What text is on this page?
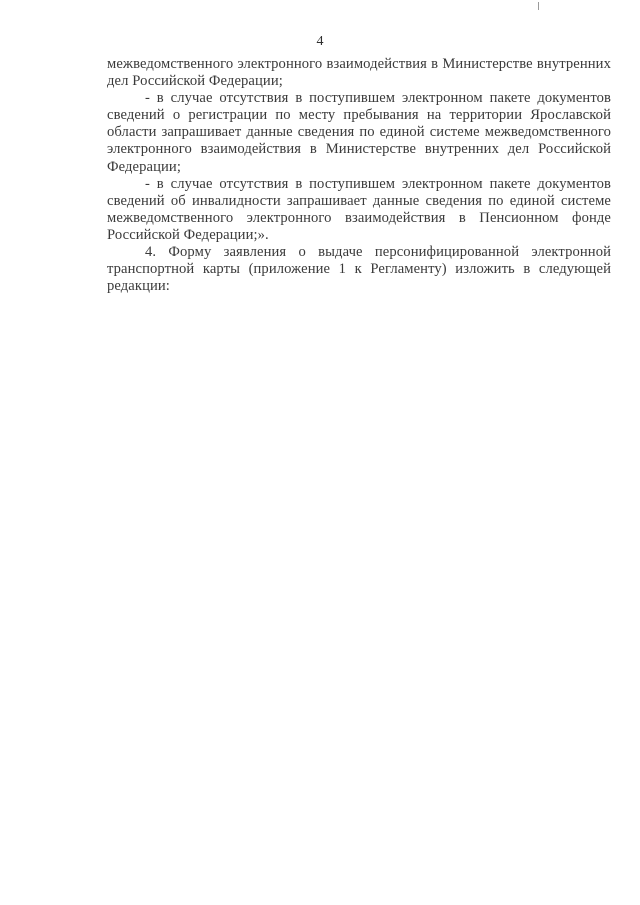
4

межведомственного электронного взаимодействия в Министерстве внутренних дел Российской Федерации;

- в случае отсутствия в поступившем электронном пакете документов сведений о регистрации по месту пребывания на территории Ярославской области запрашивает данные сведения по единой системе межведомственного электронного взаимодействия в Министерстве внутренних дел Российской Федерации;

- в случае отсутствия в поступившем электронном пакете документов сведений об инвалидности запрашивает данные сведения по единой системе межведомственного электронного взаимодействия в Пенсионном фонде Российской Федерации;».

4. Форму заявления о выдаче персонифицированной электронной транспортной карты (приложение 1 к Регламенту) изложить в следующей редакции:
